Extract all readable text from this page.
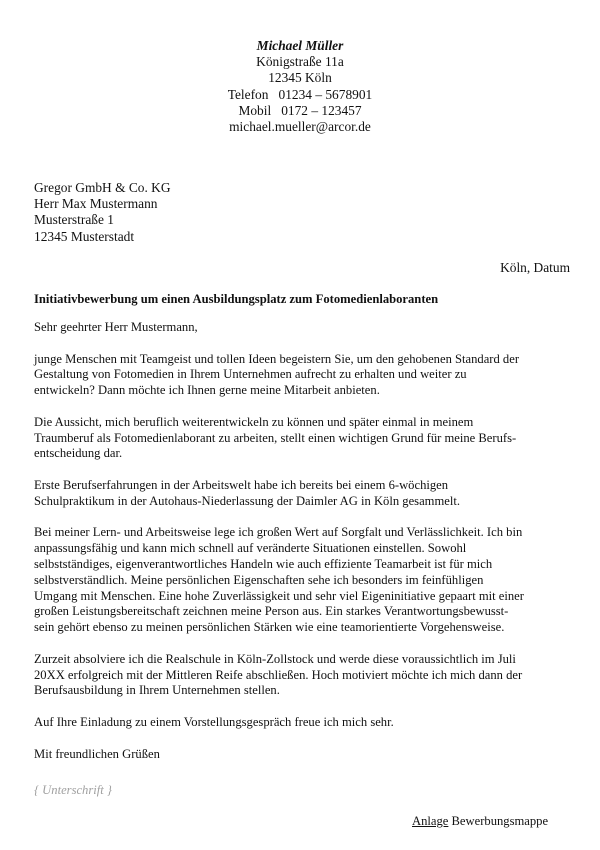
Michael Müller
Königstraße 11a
12345 Köln
Telefon   01234 – 5678901
Mobil   0172 – 123457
michael.mueller@arcor.de
Gregor GmbH & Co. KG
Herr Max Mustermann
Musterstraße 1
12345 Musterstadt
Köln, Datum
Initiativbewerbung um einen Ausbildungsplatz zum Fotomedienlaboranten

Sehr geehrter Herr Mustermann,

junge Menschen mit Teamgeist und tollen Ideen begeistern Sie, um den gehobenen Standard der
Gestaltung von Fotomedien in Ihrem Unternehmen aufrecht zu erhalten und weiter zu
entwickeln? Dann möchte ich Ihnen gerne meine Mitarbeit anbieten.

Die Aussicht, mich beruflich weiterentwickeln zu können und später einmal in meinem
Traumberuf als Fotomedienlaborant zu arbeiten, stellt einen wichtigen Grund für meine Berufs-
entscheidung dar.

Erste Berufserfahrungen in der Arbeitswelt habe ich bereits bei einem 6-wöchigen
Schulpraktikum in der Autohaus-Niederlassung der Daimler AG in Köln gesammelt.

Bei meiner Lern- und Arbeitsweise lege ich großen Wert auf Sorgfalt und Verlässlichkeit. Ich bin
anpassungsfähig und kann mich schnell auf veränderte Situationen einstellen. Sowohl
selbstständiges, eigenverantwortliches Handeln wie auch effiziente Teamarbeit ist für mich
selbstverständlich. Meine persönlichen Eigenschaften sehe ich besonders im feinfühligen
Umgang mit Menschen. Eine hohe Zuverlässigkeit und sehr viel Eigeninitiative gepaart mit einer
großen Leistungsbereitschaft zeichnen meine Person aus. Ein starkes Verantwortungsbewusst-
sein gehört ebenso zu meinen persönlichen Stärken wie eine teamorientierte Vorgehensweise.

Zurzeit absolviere ich die Realschule in Köln-Zollstock und werde diese voraussichtlich im Juli
20XX erfolgreich mit der Mittleren Reife abschließen. Hoch motiviert möchte ich mich dann der
Berufsausbildung in Ihrem Unternehmen stellen.

Auf Ihre Einladung zu einem Vorstellungsgespräch freue ich mich sehr.

Mit freundlichen Grüßen

{ Unterschrift }
Anlage Bewerbungsmappe
